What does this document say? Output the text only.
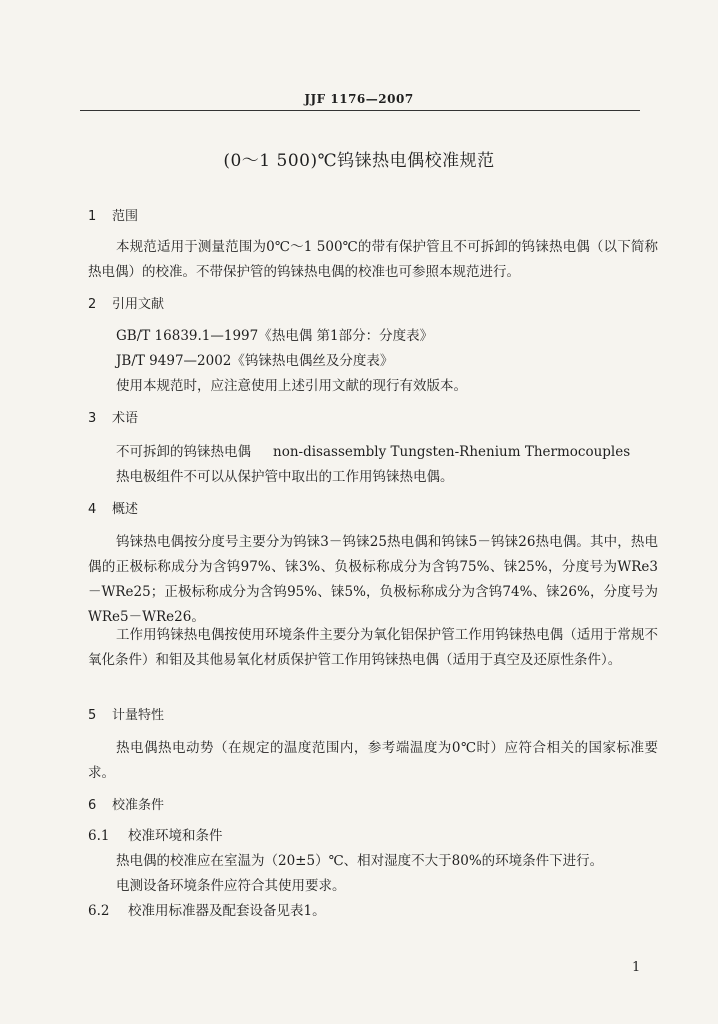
JJF 1176—2007
(0～1 500)℃钨铼热电偶校准规范
1 范围
本规范适用于测量范围为0℃～1 500℃的带有保护管且不可拆卸的钨铼热电偶（以下简称热电偶）的校准。不带保护管的钨铼热电偶的校准也可参照本规范进行。
2 引用文献
GB/T 16839.1—1997《热电偶 第1部分：分度表》
JB/T 9497—2002《钨铼热电偶丝及分度表》
使用本规范时，应注意使用上述引用文献的现行有效版本。
3 术语
不可拆卸的钨铼热电偶 non-disassembly Tungsten-Rhenium Thermocouples
热电极组件不可以从保护管中取出的工作用钨铼热电偶。
4 概述
钨铼热电偶按分度号主要分为钨铼3－钨铼25热电偶和钨铼5－钨铼26热电偶。其中，热电偶的正极标称成分为含钨97%、铼3%、负极标称成分为含钨75%、铼25%，分度号为WRe3－WRe25；正极标称成分为含钨95%、铼5%，负极标称成分为含钨74%、铼26%，分度号为WRe5－WRe26。
工作用钨铼热电偶按使用环境条件主要分为氧化铝保护管工作用钨铼热电偶（适用于常规不氧化条件）和钼及其他易氧化材质保护管工作用钨铼热电偶（适用于真空及还原性条件）。
5 计量特性
热电偶热电动势（在规定的温度范围内，参考端温度为0℃时）应符合相关的国家标准要求。
6 校准条件
6.1 校准环境和条件
热电偶的校准应在室温为（20±5）℃、相对湿度不大于80%的环境条件下进行。
电测设备环境条件应符合其使用要求。
6.2 校准用标准器及配套设备见表1。
1
